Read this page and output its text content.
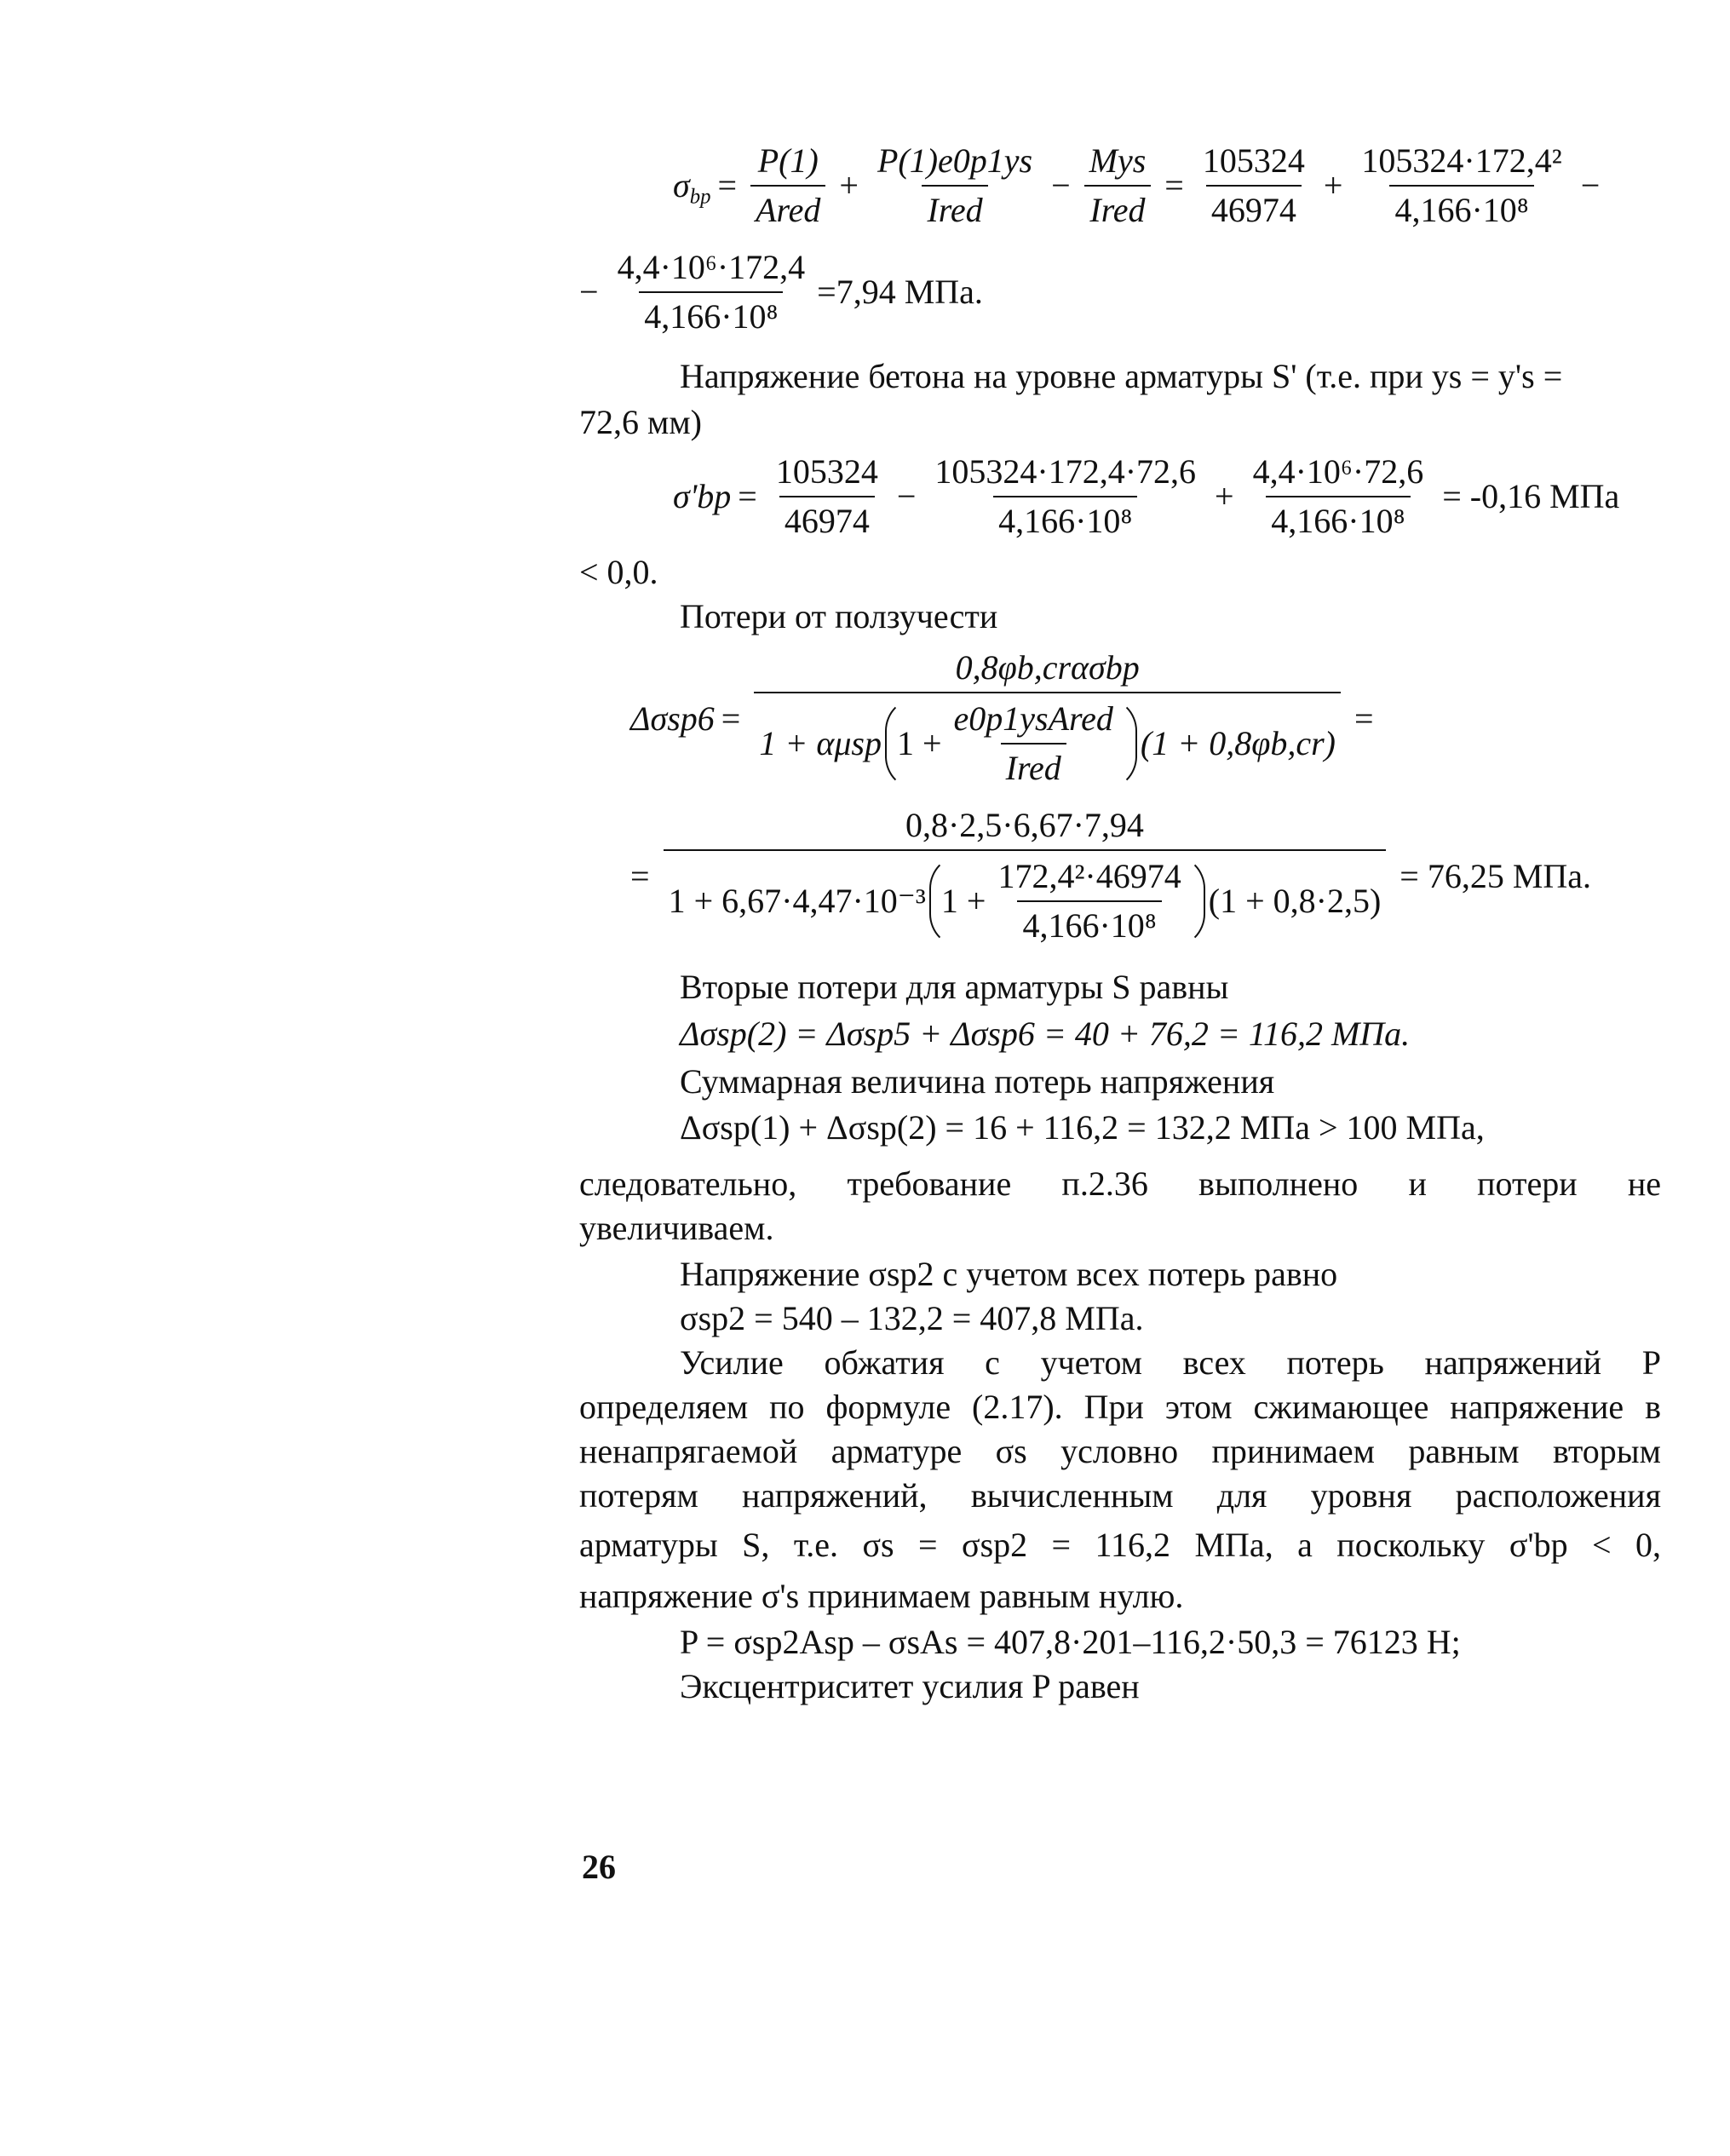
$\sigma_{bp} = \frac{P(1)}{\text{Ared}} + \frac{P(1)e0p1ys}{\text{Ired}} - \frac{\text{Mys}}{\text{Ired}} = \frac{105324}{46974} + \frac{\text{105324·172,4²}}{\text{4,166·10⁸}}$ −
− $\frac{\text{4,4·10⁶·172,4}}{\text{4,166·10⁸}} =7,94$ МПа.
Напряжение бетона на уровне арматуры S' (т.е. при ys = y's =
72,6 мм)
$\sigma'bp = \frac{105324}{46974} - \frac{105324\cdot 172,4\cdot 72,6}{\text{4,166·10⁸}} + \frac{\text{4,4·10⁶·72,6}}{\text{4,166·10⁸}} = -0,16$ МПа
< 0,0.
Потери от ползучести
Δσsp6 =
0,8φb,crασbp
1 + αμsp $1 + \frac{\text{e0p1ysAred}}{\text{Ired}} (1 + 0,8\varphi b,cr)$
=
=
0,8·2,5·6,67·7,94
1 + 6,67·4,47·10⁻³ $1 + \frac{\text{172,4²·46974}}{\text{4,166·10⁸}} (1 + 0,8\cdot 2,5)$
= 76,25 МПа.
Вторые потери для арматуры S равны
Δσsp(2) = Δσsp5 + Δσsp6 = 40 + 76,2 = 116,2 МПа.
Суммарная величина потерь напряжения
Δσsp(1) + Δσsp(2) = 16 + 116,2 = 132,2 МПа > 100 МПа,
следовательно, требование п.2.36 выполнено и потери не
увеличиваем.
Напряжение σsp2 с учетом всех потерь равно
σsp2 = 540 – 132,2 = 407,8 МПа.
Усилие обжатия с учетом всех потерь напряжений P
определяем по формуле (2.17). При этом сжимающее напряжение в
ненапрягаемой арматуре σs условно принимаем равным вторым
потерям напряжений, вычисленным для уровня расположения
арматуры S, т.е. σs = σsp2 = 116,2 МПа, а поскольку σ'bp < 0,
напряжение σ's принимаем равным нулю.
P = σsp2Asp – σsAs = 407,8·201–116,2·50,3 = 76123 Н;
Эксцентриситет усилия P равен
26
